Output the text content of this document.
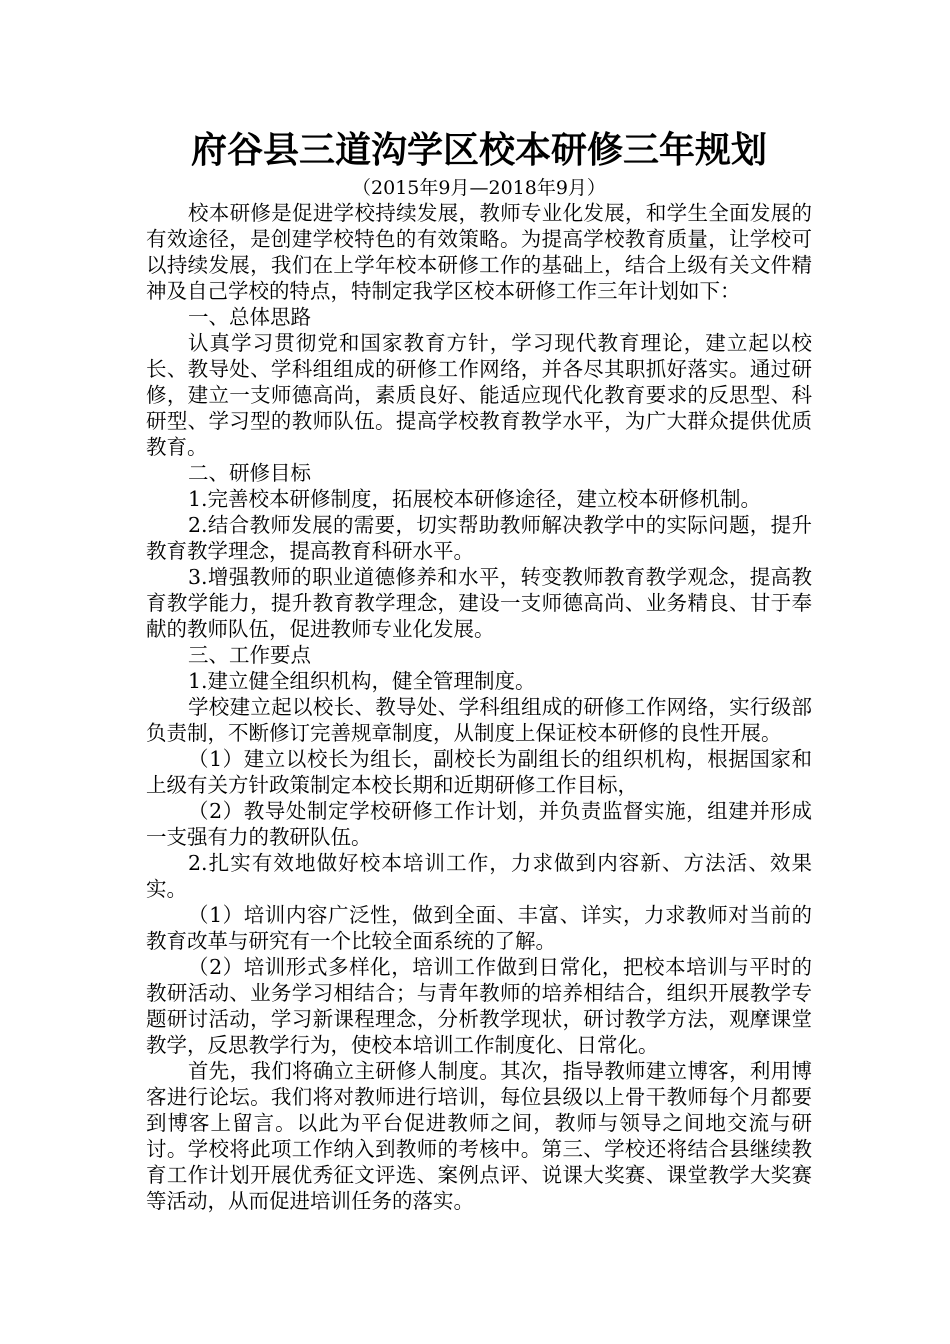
府谷县三道沟学区校本研修三年规划

（2015年9月—2018年9月）

校本研修是促进学校持续发展，教师专业化发展，和学生全面发展的有效途径，是创建学校特色的有效策略。为提高学校教育质量，让学校可以持续发展，我们在上学年校本研修工作的基础上，结合上级有关文件精神及自己学校的特点，特制定我学区校本研修工作三年计划如下：

一、总体思路

认真学习贯彻党和国家教育方针，学习现代教育理论，建立起以校长、教导处、学科组组成的研修工作网络，并各尽其职抓好落实。通过研修，建立一支师德高尚，素质良好、能适应现代化教育要求的反思型、科研型、学习型的教师队伍。提高学校教育教学水平，为广大群众提供优质教育。

二、研修目标

1.完善校本研修制度，拓展校本研修途径，建立校本研修机制。

2.结合教师发展的需要，切实帮助教师解决教学中的实际问题，提升教育教学理念，提高教育科研水平。

3.增强教师的职业道德修养和水平，转变教师教育教学观念，提高教育教学能力，提升教育教学理念，建设一支师德高尚、业务精良、甘于奉献的教师队伍，促进教师专业化发展。

三、工作要点

1.建立健全组织机构，健全管理制度。

学校建立起以校长、教导处、学科组组成的研修工作网络，实行级部负责制，不断修订完善规章制度，从制度上保证校本研修的良性开展。

（1）建立以校长为组长，副校长为副组长的组织机构，根据国家和上级有关方针政策制定本校长期和近期研修工作目标，

（2）教导处制定学校研修工作计划，并负责监督实施，组建并形成一支强有力的教研队伍。

2.扎实有效地做好校本培训工作，力求做到内容新、方法活、效果实。

（1）培训内容广泛性，做到全面、丰富、详实，力求教师对当前的教育改革与研究有一个比较全面系统的了解。

（2）培训形式多样化，培训工作做到日常化，把校本培训与平时的教研活动、业务学习相结合；与青年教师的培养相结合，组织开展教学专题研讨活动，学习新课程理念，分析教学现状，研讨教学方法，观摩课堂教学，反思教学行为，使校本培训工作制度化、日常化。

首先，我们将确立主研修人制度。其次，指导教师建立博客，利用博客进行论坛。我们将对教师进行培训，每位县级以上骨干教师每个月都要到博客上留言。以此为平台促进教师之间，教师与领导之间地交流与研讨。学校将此项工作纳入到教师的考核中。第三、学校还将结合县继续教育工作计划开展优秀征文评选、案例点评、说课大奖赛、课堂教学大奖赛等活动，从而促进培训任务的落实。
